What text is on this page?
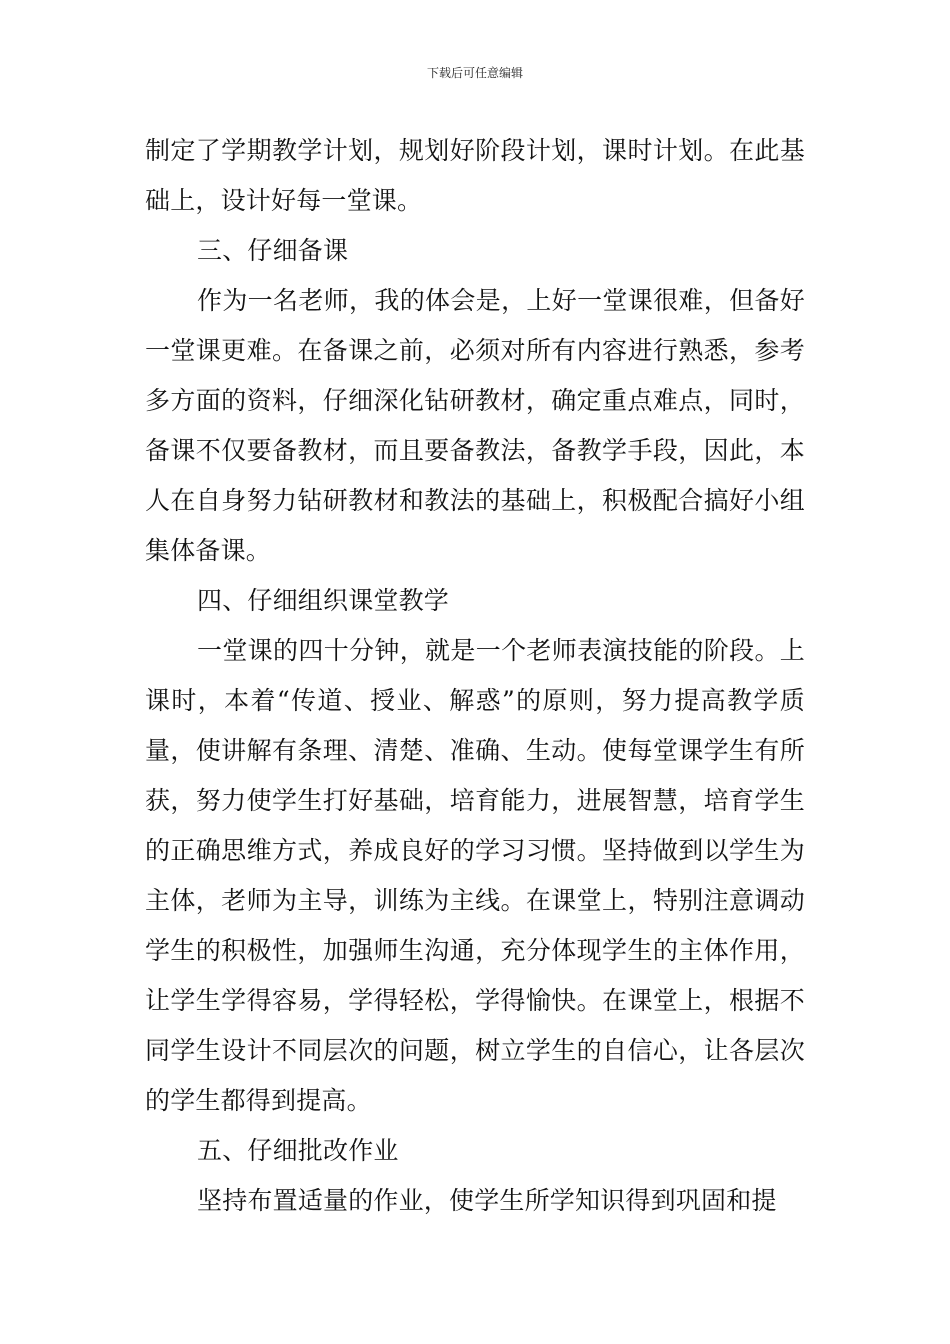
下载后可任意编辑

制定了学期教学计划，规划好阶段计划，课时计划。在此基础上，设计好每一堂课。

三、仔细备课

作为一名老师，我的体会是，上好一堂课很难，但备好一堂课更难。在备课之前，必须对所有内容进行熟悉，参考多方面的资料，仔细深化钻研教材，确定重点难点，同时，备课不仅要备教材，而且要备教法，备教学手段，因此，本人在自身努力钻研教材和教法的基础上，积极配合搞好小组集体备课。

四、仔细组织课堂教学

一堂课的四十分钟，就是一个老师表演技能的阶段。上课时，本着“传道、授业、解惑”的原则，努力提高教学质量，使讲解有条理、清楚、准确、生动。使每堂课学生有所获，努力使学生打好基础，培育能力，进展智慧，培育学生的正确思维方式，养成良好的学习习惯。坚持做到以学生为主体，老师为主导，训练为主线。在课堂上，特别注意调动学生的积极性，加强师生沟通，充分体现学生的主体作用，让学生学得容易，学得轻松，学得愉快。在课堂上，根据不同学生设计不同层次的问题，树立学生的自信心，让各层次的学生都得到提高。

五、仔细批改作业

坚持布置适量的作业，使学生所学知识得到巩固和提
